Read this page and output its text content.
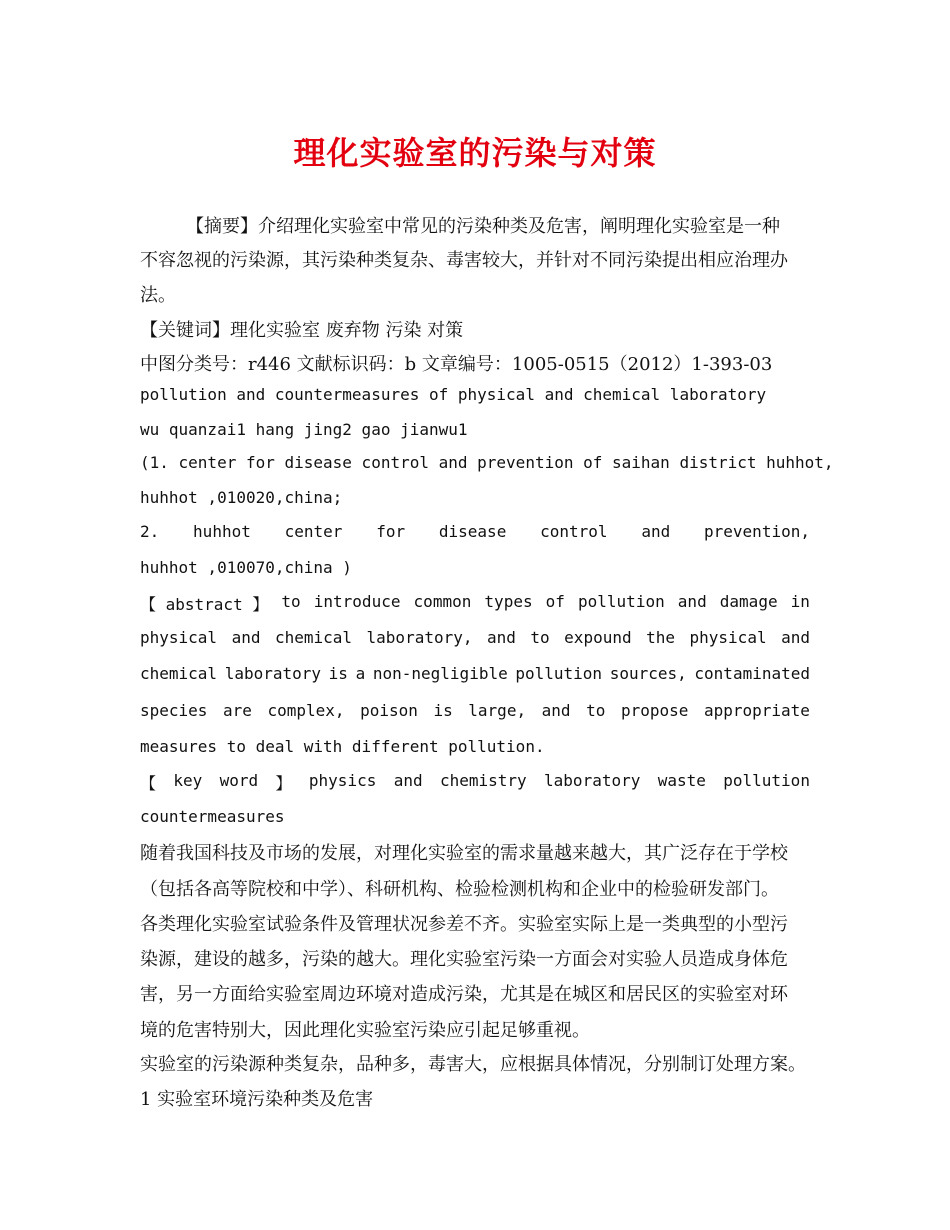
理化实验室的污染与对策
【摘要】介绍理化实验室中常见的污染种类及危害，阐明理化实验室是一种
不容忽视的污染源，其污染种类复杂、毒害较大，并针对不同污染提出相应治理办
法。
【关键词】理化实验室 废弃物 污染 对策
中图分类号：r446 文献标识码：b 文章编号：1005-0515（2012）1-393-03
pollution and countermeasures of physical and chemical laboratory
wu quanzai1 hang jing2 gao jianwu1
(1. center for disease control and prevention of saihan district huhhot,
huhhot ,010020,china;
2. huhhot center for disease control and prevention,
huhhot ,010070,china )
【 abstract 】 to introduce common types of pollution and damage in
physical and chemical laboratory, and to expound the physical and
chemical laboratory is a non-negligible pollution sources, contaminated
species are complex, poison is large, and to propose appropriate
measures to deal with different pollution.
【 key word 】 physics and chemistry laboratory waste pollution
countermeasures
随着我国科技及市场的发展，对理化实验室的需求量越来越大，其广泛存在于学校
（包括各高等院校和中学）、科研机构、检验检测机构和企业中的检验研发部门。
各类理化实验室试验条件及管理状况参差不齐。实验室实际上是一类典型的小型污
染源，建设的越多，污染的越大。理化实验室污染一方面会对实验人员造成身体危
害，另一方面给实验室周边环境对造成污染，尤其是在城区和居民区的实验室对环
境的危害特别大，因此理化实验室污染应引起足够重视。
实验室的污染源种类复杂，品种多，毒害大，应根据具体情况，分别制订处理方案。
1 实验室环境污染种类及危害
